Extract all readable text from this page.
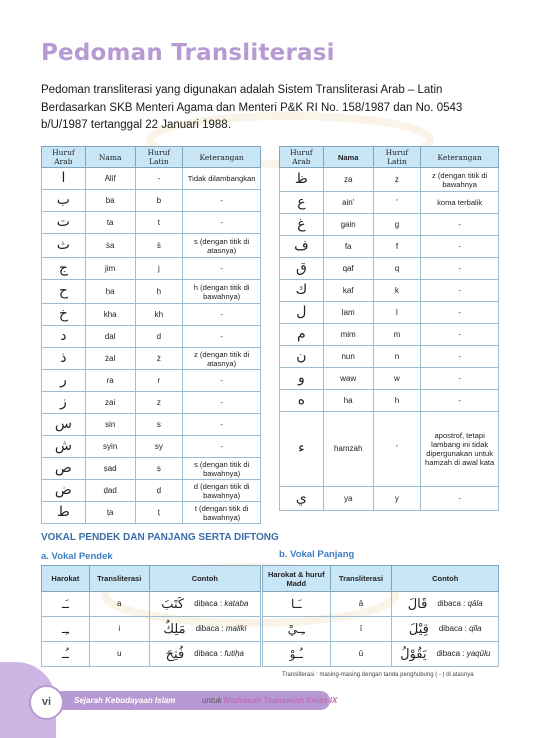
Pedoman Transliterasi
Pedoman transliterasi yang digunakan adalah Sistem Transliterasi Arab – Latin Berdasarkan SKB Menteri Agama dan Menteri P&K RI No. 158/1987 dan No. 0543 b/U/1987 tertanggal 22 Januari 1988.
Huruf Arab	Nama	Huruf Latin	Keterangan
ا	Alif	-	Tidak dilambangkan
ب	ba	b	-
ت	ta	t	-
ث	ṡa	ṡ	s (dengan titik di atasnya)
ج	jim	j	-
ح	ḥa	ḥ	h (dengan titik di bawahnya)
خ	kha	kh	-
د	dal	d	-
ذ	żal	ż	z (dengan titik di atasnya)
ر	ra	r	-
ز	zai	z	-
س	sin	s	-
ش	syin	sy	-
ص	ṣad	ṣ	s (dengan titik di bawahnya)
ض	ḍad	ḍ	d (dengan titik di bawahnya)
ط	ṭa	ṭ	t (dengan titik di bawahnya)
Huruf Arab	Nama	Huruf Latin	Keterangan
ظ	ẓa	ẓ	z (dengan titik di bawahnya
ع	ain'	'	koma terbalik
غ	gain	g	-
ف	fa	f	-
ق	qaf	q	-
ك	kaf	k	-
ل	lam	l	-
م	mim	m	-
ن	nun	n	-
و	waw	w	-
ه	ha	h	-
ء	hamzah	'	apostrof, tetapi lambang ini tidak dipergunakan untuk hamzah di awal kata
ي	ya	y	-
VOKAL PENDEK DAN PANJANG SERTA DIFTONG
a. Vokal Pendek	b. Vokal Panjang
Harokat	Transliterasi	Contoh
ـَـ	a	كَتَبَ dibaca : kataba

ـِـ	i	مَلِكٌ dibaca : maliki

ـُـ	u	فُتِحَ dibaca : futiḥa
Harokat & huruf Madd	Transliterasi	Contoh
ـَـا	ā	قَالَ dibaca : qāla

ـِـيْ	ī	قِيْلَ dibaca : qīla

ـُـوْ	ū	يَقُوْلُ dibaca : yaqūlu
Transliterasi : masing-masing dengan tanda penghubung ( - ) di atasnya
vi	Sejarah Kebudayaan Islam	untuk Madrasah Tsanawiah Kelas IX
